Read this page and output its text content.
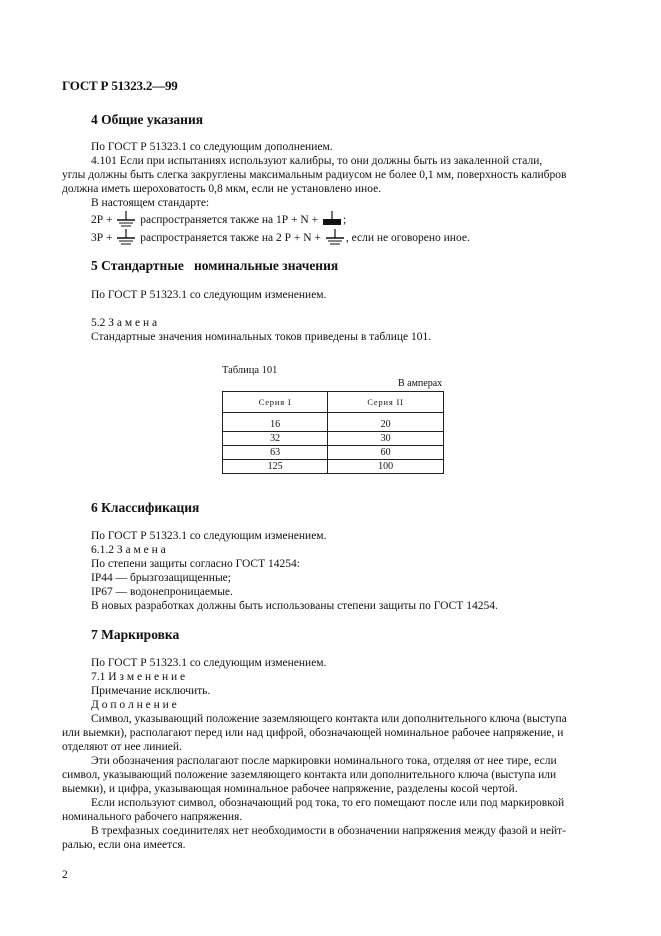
ГОСТ Р 51323.2—99
4 Общие указания
По ГОСТ Р 51323.1 со следующим дополнением.
4.101 Если при испытаниях используют калибры, то они должны быть из закаленной стали,
углы должны быть слегка закруглены максимальным радиусом не более 0,1 мм, поверхность калибров
должна иметь шероховатость 0,8 мкм, если не установлено иное.
В настоящем стандарте:
2Р + распространяется также на 1Р + N + ;
3Р + распространяется также на 2 Р + N + , если не оговорено иное.
5 Стандартные   номинальные значения
По ГОСТ Р 51323.1 со следующим изменением.
5.2 З а м е н а
Стандартные значения номинальных токов приведены в таблице 101.
Таблица 101
В амперах
Серия I	Серия II
16	20
32	30
63	60
125	100
6 Классификация
По ГОСТ Р 51323.1 со следующим изменением.
6.1.2 З а м е н а
По степени защиты согласно ГОСТ 14254:
IP44 — брызгозащищенные;
IP67 — водонепроницаемые.
В новых разработках должны быть использованы степени защиты по ГОСТ 14254.
7 Маркировка
По ГОСТ Р 51323.1 со следующим изменением.
7.1 И з м е н е н и е
Примечание исключить.
Д о п о л н е н и е
Символ, указывающий положение заземляющего контакта или дополнительного ключа (выступа
или выемки), располагают перед или над цифрой, обозначающей номинальное рабочее напряжение, и
отделяют от нее линией.
Эти обозначения располагают после маркировки номинального тока, отделяя от нее тире, если
символ, указывающий положение заземляющего контакта или дополнительного ключа (выступа или
выемки), и цифра, указывающая номинальное рабочее напряжение, разделены косой чертой.
Если используют символ, обозначающий род тока, то его помещают после или под маркировкой
номинального рабочего напряжения.
В трехфазных соединителях нет необходимости в обозначении напряжения между фазой и нейт-
ралью, если она имеется.
2
